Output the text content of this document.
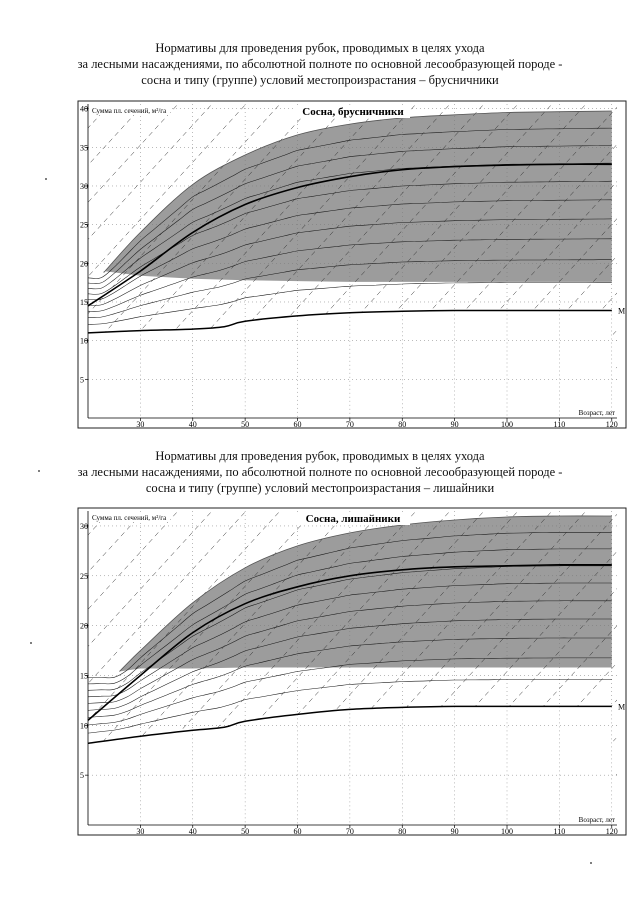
Нормативы для проведения рубок, проводимых в целях ухода
за лесными насаждениями, по абсолютной полноте по основной лесообразующей породе -
сосна и типу (группе) условий местопроизрастания – брусничники
М
30	40	50	60	70	80	90	100	110	120
5
10
15
20
25
30
35
40 Сумма пл. сечений, м²/га
Возраст, лет
Сосна, брусничники
Нормативы для проведения рубок, проводимых в целях ухода
за лесными насаждениями, по абсолютной полноте по основной лесообразующей породе -
сосна и типу (группе) условий местопроизрастания – лишайники
М
30	40	50	60	70	80	90	100	110	120
5
10
15
20
25
30
Сумма пл. сечений, м²/га
Возраст, лет
Сосна, лишайники
